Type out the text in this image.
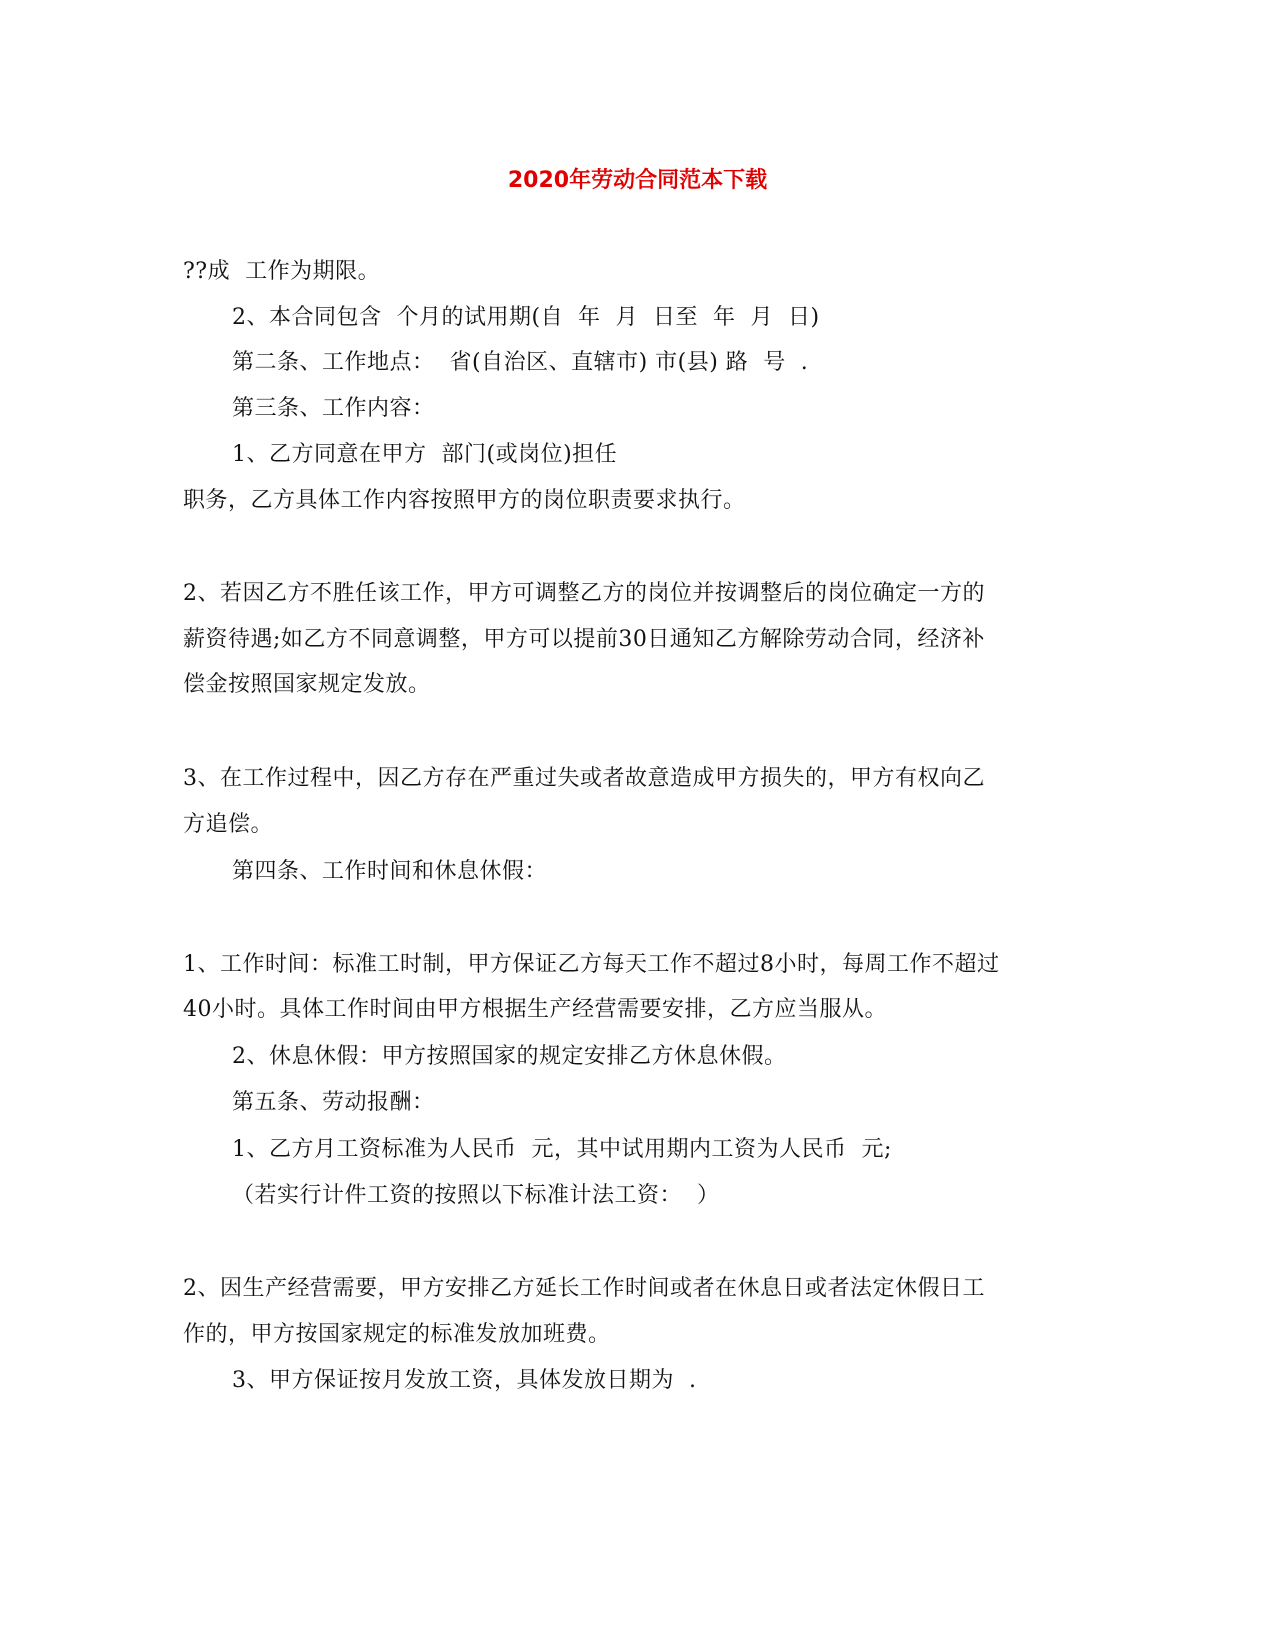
2020年劳动合同范本下载
??成  工作为期限。
2、本合同包含  个月的试用期(自  年  月  日至  年  月  日)
第二条、工作地点：  省(自治区、直辖市) 市(县) 路  号  .
第三条、工作内容：
1、乙方同意在甲方  部门(或岗位)担任
职务，乙方具体工作内容按照甲方的岗位职责要求执行。
2、若因乙方不胜任该工作，甲方可调整乙方的岗位并按调整后的岗位确定一方的
薪资待遇;如乙方不同意调整，甲方可以提前30日通知乙方解除劳动合同，经济补
偿金按照国家规定发放。
3、在工作过程中，因乙方存在严重过失或者故意造成甲方损失的，甲方有权向乙
方追偿。
第四条、工作时间和休息休假：
1、工作时间：标准工时制，甲方保证乙方每天工作不超过8小时，每周工作不超过
40小时。具体工作时间由甲方根据生产经营需要安排，乙方应当服从。
2、休息休假：甲方按照国家的规定安排乙方休息休假。
第五条、劳动报酬：
1、乙方月工资标准为人民币  元，其中试用期内工资为人民币  元;
（若实行计件工资的按照以下标准计法工资：  ）
2、因生产经营需要，甲方安排乙方延长工作时间或者在休息日或者法定休假日工
作的，甲方按国家规定的标准发放加班费。
3、甲方保证按月发放工资，具体发放日期为  .
